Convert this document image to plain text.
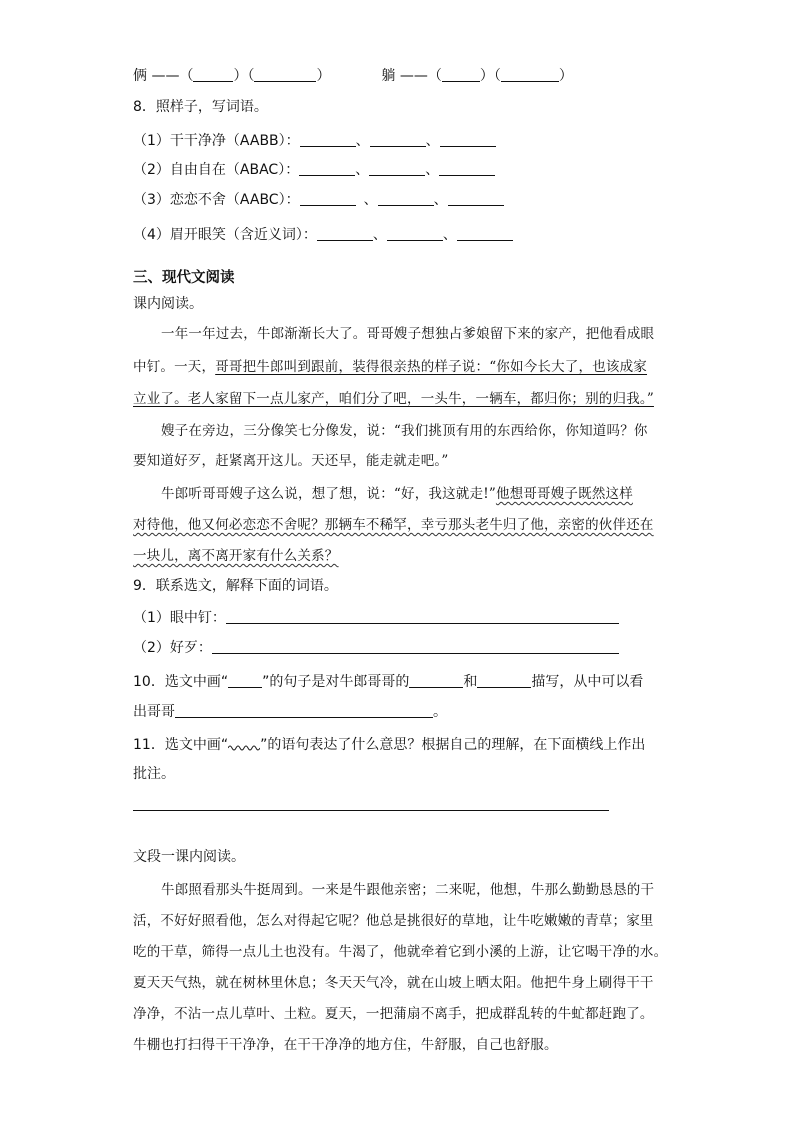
俩 ——（	）（	）	躺 ——（	）（	）
8．照样子，写词语。
（1）干干净净（AABB）：	、	、
（2）自由自在（ABAC）：	、	、
（3）恋恋不舍（AABC）：	、	、
（4）眉开眼笑（含近义词）：	、	、
三、现代文阅读
课内阅读。
一年一年过去，牛郎渐渐长大了。哥哥嫂子想独占爹娘留下来的家产，把他看成眼
中钉。一天，哥哥把牛郎叫到跟前，装得很亲热的样子说：“你如今长大了，也该成家
立业了。老人家留下一点儿家产，咱们分了吧，一头牛，一辆车，都归你；别的归我。”
嫂子在旁边，三分像笑七分像发，说：“我们挑顶有用的东西给你，你知道吗？你
要知道好歹，赶紧离开这儿。天还早，能走就走吧。”
牛郎听哥哥嫂子这么说，想了想，说：“好，我这就走!”他想哥哥嫂子既然这样
对待他，他又何必恋恋不舍呢？那辆车不稀罕，幸亏那头老牛归了他，亲密的伙伴还在
一块儿，离不离开家有什么关系？
9．联系选文，解释下面的词语。
（1）眼中钉：
（2）好歹：
10．选文中画“ ”的句子是对牛郎哥哥的	和	描写，从中可以看
出哥哥	。
11．选文中画“ ”的语句表达了什么意思？根据自己的理解，在下面横线上作出
批注。
文段一课内阅读。
牛郎照看那头牛挺周到。一来是牛跟他亲密；二来呢，他想，牛那么勤勤恳恳的干
活，不好好照看他，怎么对得起它呢？他总是挑很好的草地，让牛吃嫩嫩的青草；家里
吃的干草，筛得一点儿土也没有。牛渴了，他就牵着它到小溪的上游，让它喝干净的水。
夏天天气热，就在树林里休息；冬天天气冷，就在山坡上晒太阳。他把牛身上刷得干干
净净，不沾一点儿草叶、土粒。夏天，一把蒲扇不离手，把成群乱转的牛虻都赶跑了。
牛棚也打扫得干干净净，在干干净净的地方住，牛舒服，自己也舒服。
